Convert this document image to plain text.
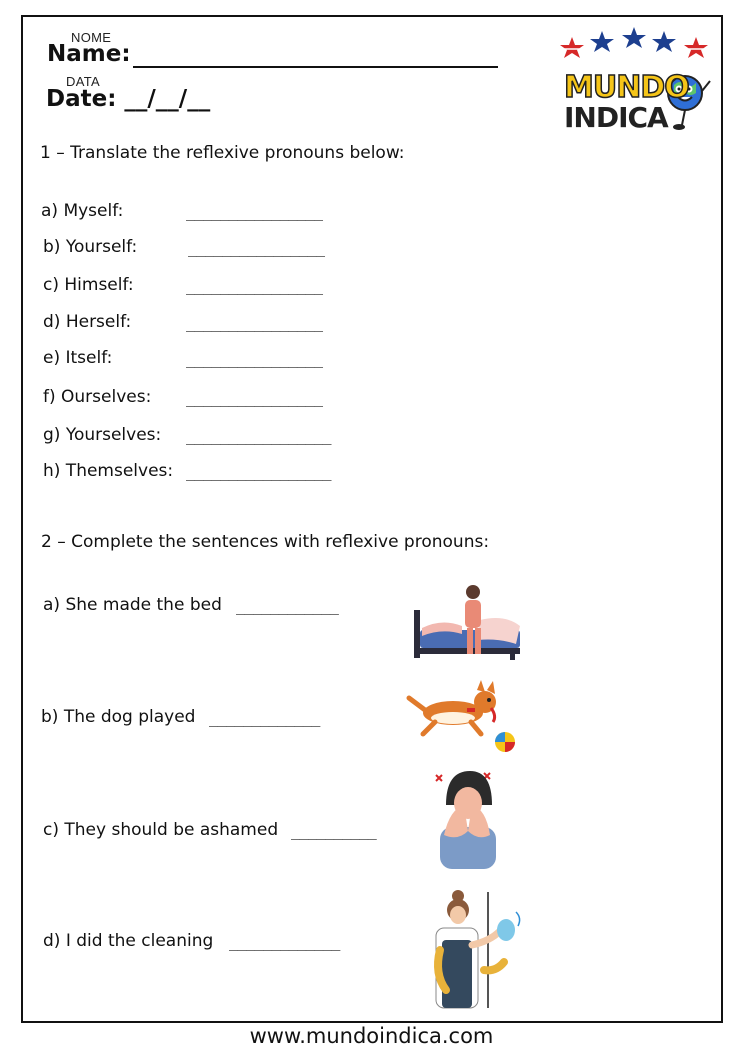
NOME
Name:
DATA
Date: __/__/__	MUNDO
INDICA
1 – Translate the reflexive pronouns below:
a) Myself:	________________
b) Yourself:	________________
c) Himself:	________________
d) Herself:	________________
e) Itself:	________________
f) Ourselves: ________________
g) Yourselves: _________________
h) Themselves: _________________
2 – Complete the sentences with reflexive pronouns:
a) She made the bed ____________
b) The dog played _____________
c) They should be ashamed __________
d) I did the cleaning _____________
www.mundoindica.com
